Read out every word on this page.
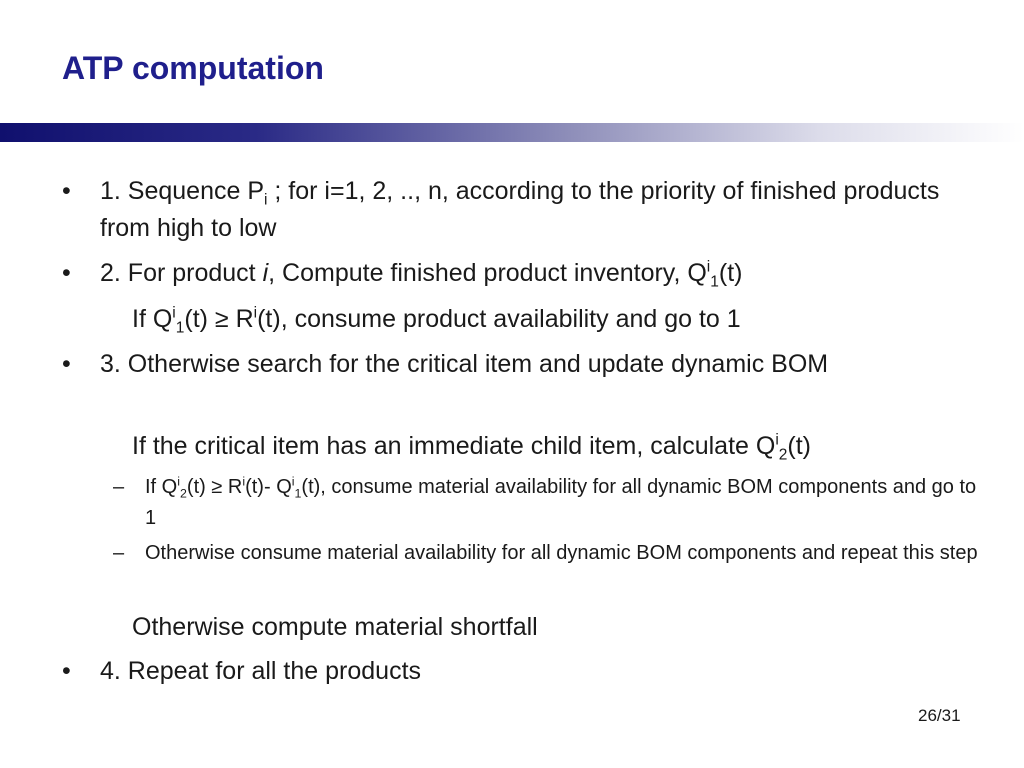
ATP computation
• 1. Sequence $P_i$ ; for i=1, 2, .., n, according to the priority of finished products from high to low
• 2. For product i, Compute finished product inventory, $Q^i_1(t)$
If $Q^i_1(t) \ge R^i(t)$, consume product availability and go to 1
• 3. Otherwise search for the critical item and update dynamic BOM
If the critical item has an immediate child item, calculate $Q^i_2(t)$
– If $Q^i_2(t) \ge R^i(t)-$ $Q^i_1(t)$, consume material availability for all dynamic BOM components and go to 1
– Otherwise consume material availability for all dynamic BOM components and repeat this step
Otherwise compute material shortfall
• 4. Repeat for all the products
26/31
